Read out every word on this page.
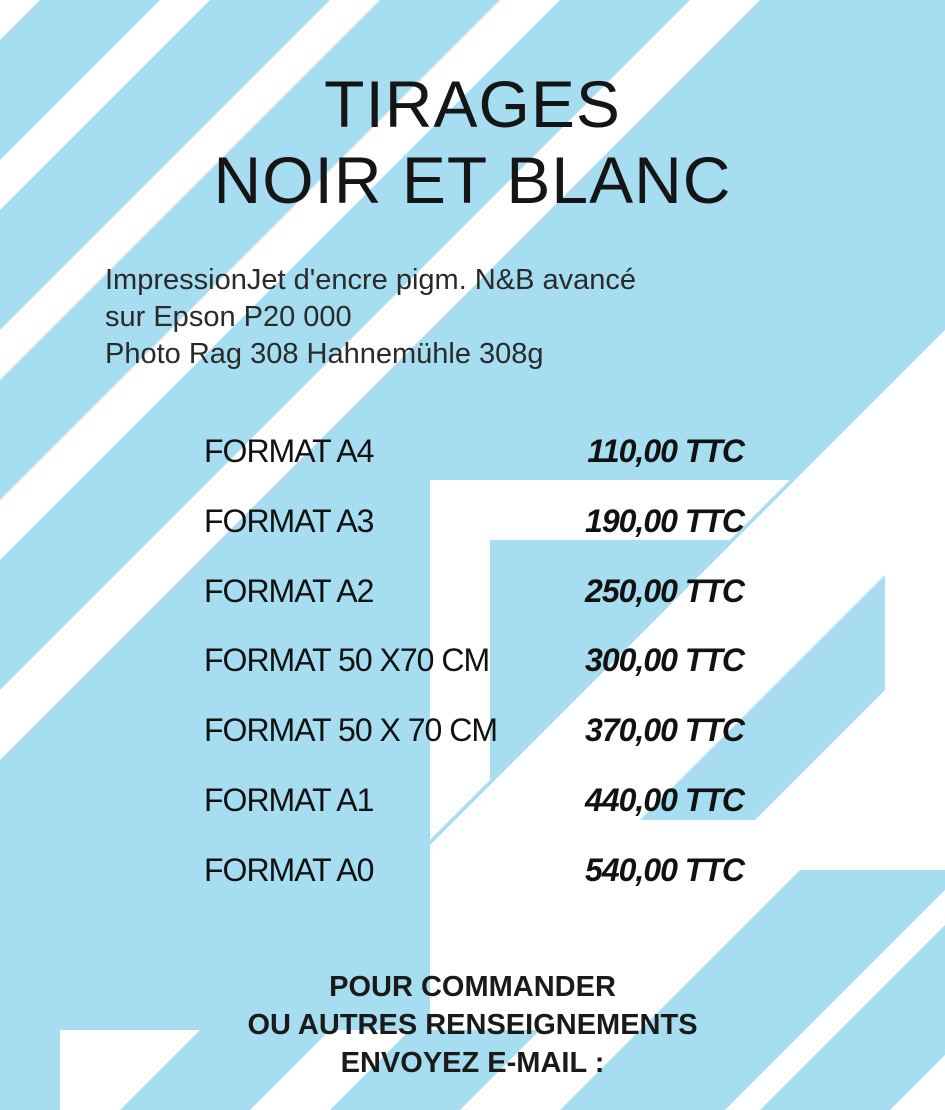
TIRAGES
NOIR ET BLANC

ImpressionJet d'encre pigm. N&B avancé
sur Epson P20 000
Photo Rag 308 Hahnemühle 308g

FORMAT A4	110,00 TTC
FORMAT A3	190,00 TTC
FORMAT A2	250,00 TTC
FORMAT 50 X70 CM	300,00 TTC
FORMAT 50 X 70 CM	370,00 TTC
FORMAT A1	440,00 TTC
FORMAT A0	540,00 TTC

POUR COMMANDER
OU AUTRES RENSEIGNEMENTS
ENVOYEZ E-MAIL :
